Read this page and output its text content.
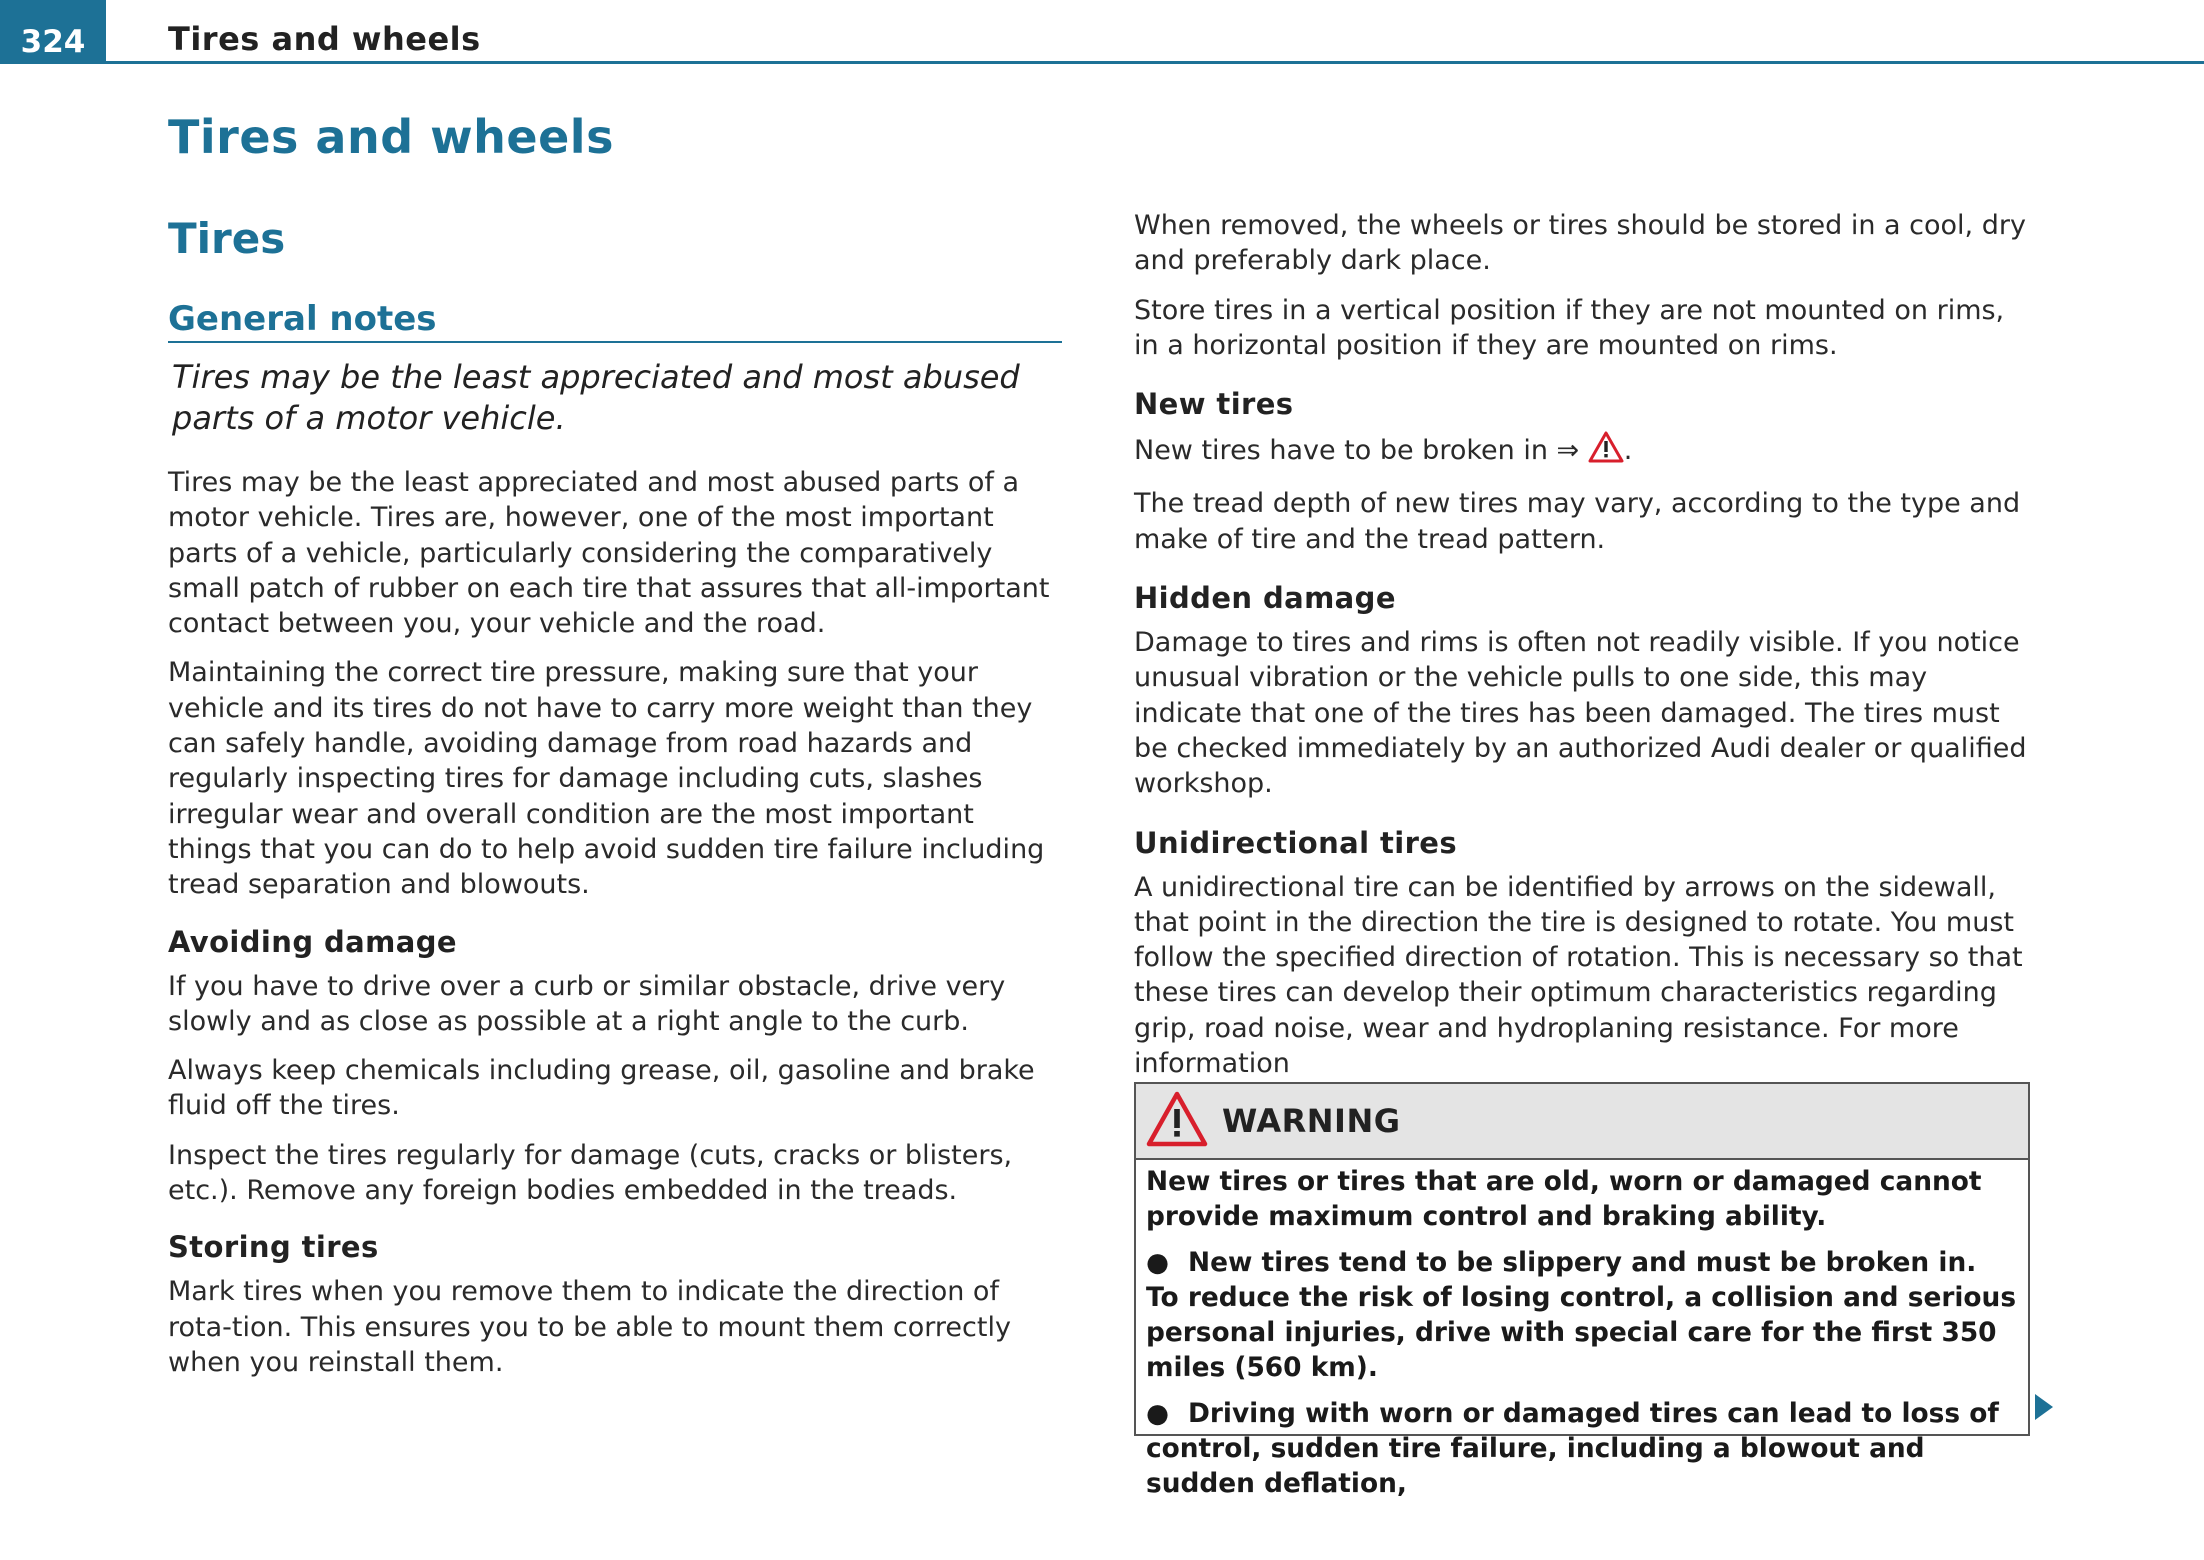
324	Tires and wheels
Tires and wheels
Tires
General notes
Tires may be the least appreciated and most abused parts of a motor vehicle.

Tires may be the least appreciated and most abused parts of a motor vehicle. Tires are, however, one of the most important parts of a vehicle, particularly considering the comparatively small patch of rubber on each tire that assures that all-important contact between you, your vehicle and the road.

Maintaining the correct tire pressure, making sure that your vehicle and its tires do not have to carry more weight than they can safely handle, avoiding damage from road hazards and regularly inspecting tires for damage including cuts, slashes irregular wear and overall condition are the most important things that you can do to help avoid sudden tire failure including tread separation and blowouts.

Avoiding damage

If you have to drive over a curb or similar obstacle, drive very slowly and as close as possible at a right angle to the curb.

Always keep chemicals including grease, oil, gasoline and brake fluid off the tires.

Inspect the tires regularly for damage (cuts, cracks or blisters, etc.). Remove any foreign bodies embedded in the treads.

Storing tires

Mark tires when you remove them to indicate the direction of rota-tion. This ensures you to be able to mount them correctly when you reinstall them.

When removed, the wheels or tires should be stored in a cool, dry and preferably dark place.

Store tires in a vertical position if they are not mounted on rims, in a horizontal position if they are mounted on rims.

New tires

New tires have to be broken in ⇒ .

The tread depth of new tires may vary, according to the type and make of tire and the tread pattern.

Hidden damage

Damage to tires and rims is often not readily visible. If you notice unusual vibration or the vehicle pulls to one side, this may indicate that one of the tires has been damaged. The tires must be checked immediately by an authorized Audi dealer or qualified workshop.

Unidirectional tires

A unidirectional tire can be identified by arrows on the sidewall, that point in the direction the tire is designed to rotate. You must follow the specified direction of rotation. This is necessary so that these tires can develop their optimum characteristics regarding grip, road noise, wear and hydroplaning resistance. For more information

WARNING

New tires or tires that are old, worn or damaged cannot provide maximum control and braking ability.

● New tires tend to be slippery and must be broken in. To reduce the risk of losing control, a collision and serious personal injuries, drive with special care for the first 350 miles (560 km).

● Driving with worn or damaged tires can lead to loss of control, sudden tire failure, including a blowout and sudden deflation,
